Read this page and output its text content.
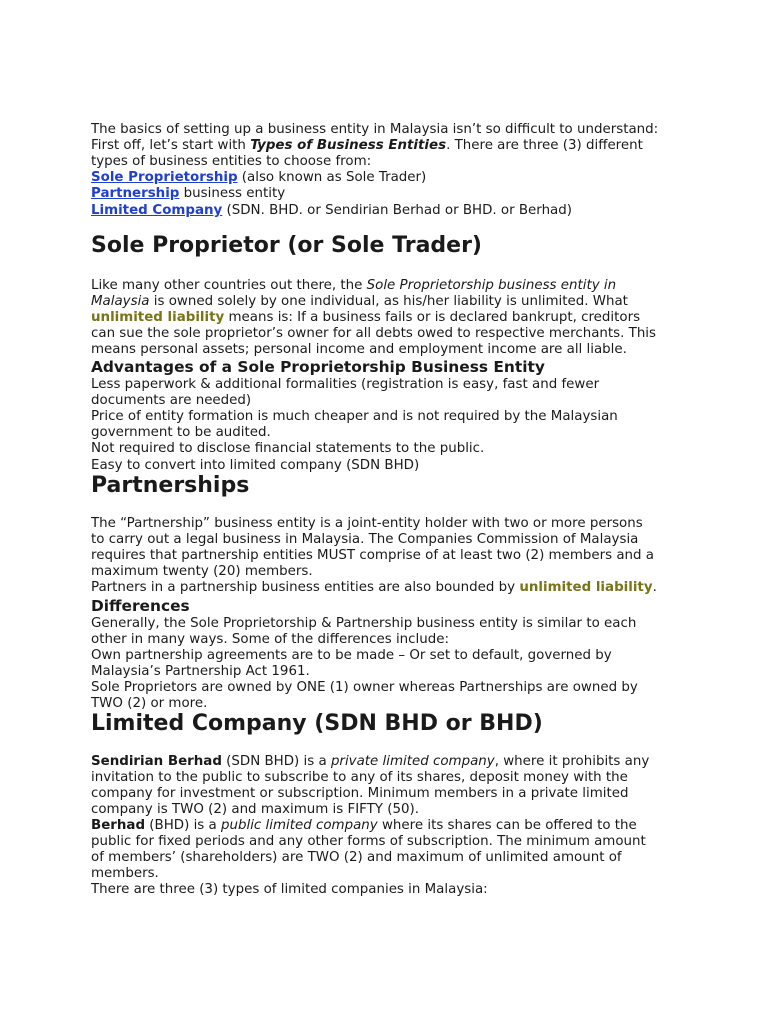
The basics of setting up a business entity in Malaysia isn’t so difficult to understand:
First off, let’s start with Types of Business Entities. There are three (3) different
types of business entities to choose from:
Sole Proprietorship (also known as Sole Trader)
Partnership business entity
Limited Company (SDN. BHD. or Sendirian Berhad or BHD. or Berhad)
Sole Proprietor (or Sole Trader)
Like many other countries out there, the Sole Proprietorship business entity in
Malaysia is owned solely by one individual, as his/her liability is unlimited. What
unlimited liability means is: If a business fails or is declared bankrupt, creditors
can sue the sole proprietor’s owner for all debts owed to respective merchants. This
means personal assets; personal income and employment income are all liable.
Advantages of a Sole Proprietorship Business Entity
Less paperwork & additional formalities (registration is easy, fast and fewer
documents are needed)
Price of entity formation is much cheaper and is not required by the Malaysian
government to be audited.
Not required to disclose financial statements to the public.
Easy to convert into limited company (SDN BHD)
Partnerships
The “Partnership” business entity is a joint-entity holder with two or more persons
to carry out a legal business in Malaysia. The Companies Commission of Malaysia
requires that partnership entities MUST comprise of at least two (2) members and a
maximum twenty (20) members.
Partners in a partnership business entities are also bounded by unlimited liability.
Differences
Generally, the Sole Proprietorship & Partnership business entity is similar to each
other in many ways. Some of the differences include:
Own partnership agreements are to be made – Or set to default, governed by
Malaysia’s Partnership Act 1961.
Sole Proprietors are owned by ONE (1) owner whereas Partnerships are owned by
TWO (2) or more.
Limited Company (SDN BHD or BHD)
Sendirian Berhad (SDN BHD) is a private limited company, where it prohibits any
invitation to the public to subscribe to any of its shares, deposit money with the
company for investment or subscription. Minimum members in a private limited
company is TWO (2) and maximum is FIFTY (50).
Berhad (BHD) is a public limited company where its shares can be offered to the
public for fixed periods and any other forms of subscription. The minimum amount
of members’ (shareholders) are TWO (2) and maximum of unlimited amount of
members.
There are three (3) types of limited companies in Malaysia:
